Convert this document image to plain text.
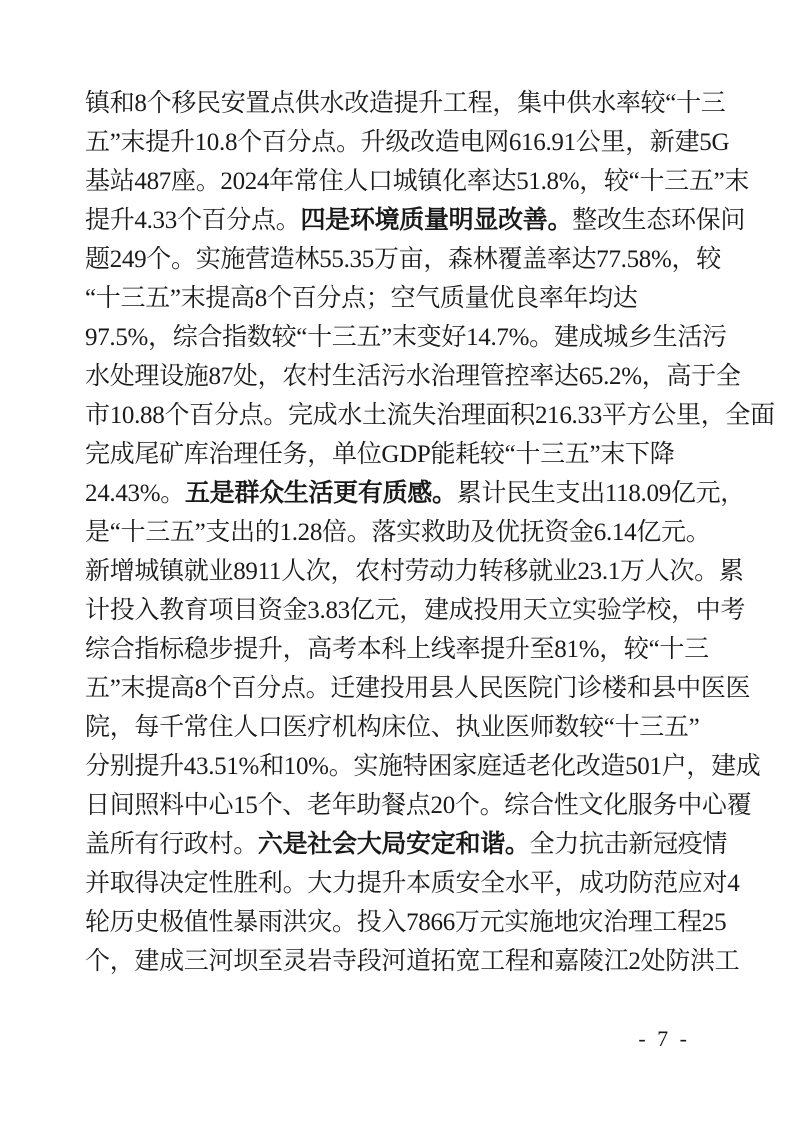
镇和8个移民安置点供水改造提升工程，集中供水率较“十三
五”末提升10.8个百分点。升级改造电网616.91公里，新建5G
基站487座。2024年常住人口城镇化率达51.8%，较“十三五”末
提升4.33个百分点。四是环境质量明显改善。整改生态环保问
题249个。实施营造林55.35万亩，森林覆盖率达77.58%，较
“十三五”末提高8个百分点；空气质量优良率年均达
97.5%，综合指数较“十三五”末变好14.7%。建成城乡生活污
水处理设施87处，农村生活污水治理管控率达65.2%，高于全
市10.88个百分点。完成水土流失治理面积216.33平方公里，全面
完成尾矿库治理任务，单位GDP能耗较“十三五”末下降
24.43%。五是群众生活更有质感。累计民生支出118.09亿元，
是“十三五”支出的1.28倍。落实救助及优抚资金6.14亿元。
新增城镇就业8911人次，农村劳动力转移就业23.1万人次。累
计投入教育项目资金3.83亿元，建成投用天立实验学校，中考
综合指标稳步提升，高考本科上线率提升至81%，较“十三
五”末提高8个百分点。迁建投用县人民医院门诊楼和县中医医
院，每千常住人口医疗机构床位、执业医师数较“十三五”
分别提升43.51%和10%。实施特困家庭适老化改造501户，建成
日间照料中心15个、老年助餐点20个。综合性文化服务中心覆
盖所有行政村。六是社会大局安定和谐。全力抗击新冠疫情
并取得决定性胜利。大力提升本质安全水平，成功防范应对4
轮历史极值性暴雨洪灾。投入7866万元实施地灾治理工程25
个，建成三河坝至灵岩寺段河道拓宽工程和嘉陵江2处防洪工
- 7 -
